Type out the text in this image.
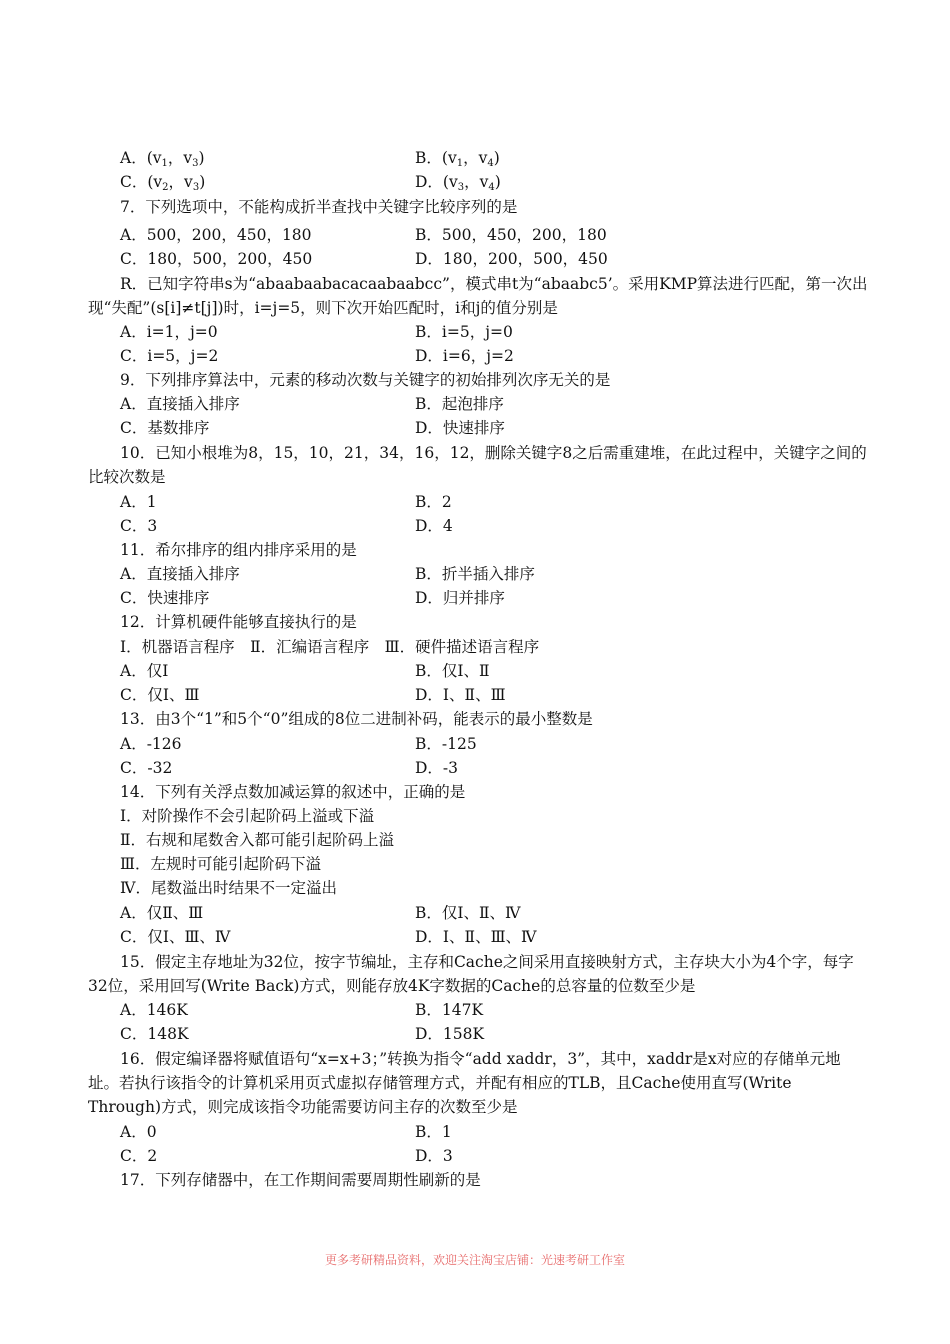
A．($v_1$，$v_3$)	B．($v_1$，$v_4$)
C．($v_2$，$v_3$)	D．($v_3$，$v_4$)
7．下列选项中，不能构成折半查找中关键字比较序列的是
A．500，200，450，180	B．500，450，200，180
C．180，500，200，450	D．180，200，500，450
R．已知字符串s为“abaabaabacacaabaabcc”，模式串t为“abaabc5’。采用KMP算法进行匹配，第一次出现“失配”(s[i]≠t[j])时，i=j=5，则下次开始匹配时，i和j的值分别是
A．i=1，j=0	B．i=5，j=0
C．i=5，j=2	D．i=6，j=2
9．下列排序算法中，元素的移动次数与关键字的初始排列次序无关的是
A．直接插入排序	B．起泡排序
C．基数排序	D．快速排序
10．已知小根堆为8，15，10，21，34，16，12，删除关键字8之后需重建堆，在此过程中，关键字之间的比较次数是
A．1	B．2
C．3	D．4
11．希尔排序的组内排序采用的是
A．直接插入排序	B．折半插入排序
C．快速排序	D．归并排序
12．计算机硬件能够直接执行的是
Ⅰ．机器语言程序　Ⅱ．汇编语言程序　Ⅲ．硬件描述语言程序
A．仅Ⅰ	B．仅Ⅰ、Ⅱ
C．仅Ⅰ、Ⅲ	D．Ⅰ、Ⅱ、Ⅲ
13．由3个“1”和5个“0”组成的8位二进制补码，能表示的最小整数是
A．-126	B．-125
C．-32	D．-3
14．下列有关浮点数加减运算的叙述中，正确的是
Ⅰ．对阶操作不会引起阶码上溢或下溢
Ⅱ．右规和尾数舍入都可能引起阶码上溢
Ⅲ．左规时可能引起阶码下溢
Ⅳ．尾数溢出时结果不一定溢出
A．仅Ⅱ、Ⅲ	B．仅Ⅰ、Ⅱ、Ⅳ
C．仅Ⅰ、Ⅲ、Ⅳ	D．Ⅰ、Ⅱ、Ⅲ、Ⅳ
15．假定主存地址为32位，按字节编址，主存和Cache之间采用直接映射方式，主存块大小为4个字，每字32位，采用回写(Write Back)方式，则能存放4K字数据的Cache的总容量的位数至少是
A．146K	B．147K
C．148K	D．158K
16．假定编译器将赋值语句“x=x+3；”转换为指令“add xaddr，3”，其中，xaddr是x对应的存储单元地址。若执行该指令的计算机采用页式虚拟存储管理方式，并配有相应的TLB，且Cache使用直写(Write Through)方式，则完成该指令功能需要访问主存的次数至少是
A．0	B．1
C．2	D．3
17．下列存储器中，在工作期间需要周期性刷新的是
更多考研精品资料，欢迎关注淘宝店铺：光速考研工作室
